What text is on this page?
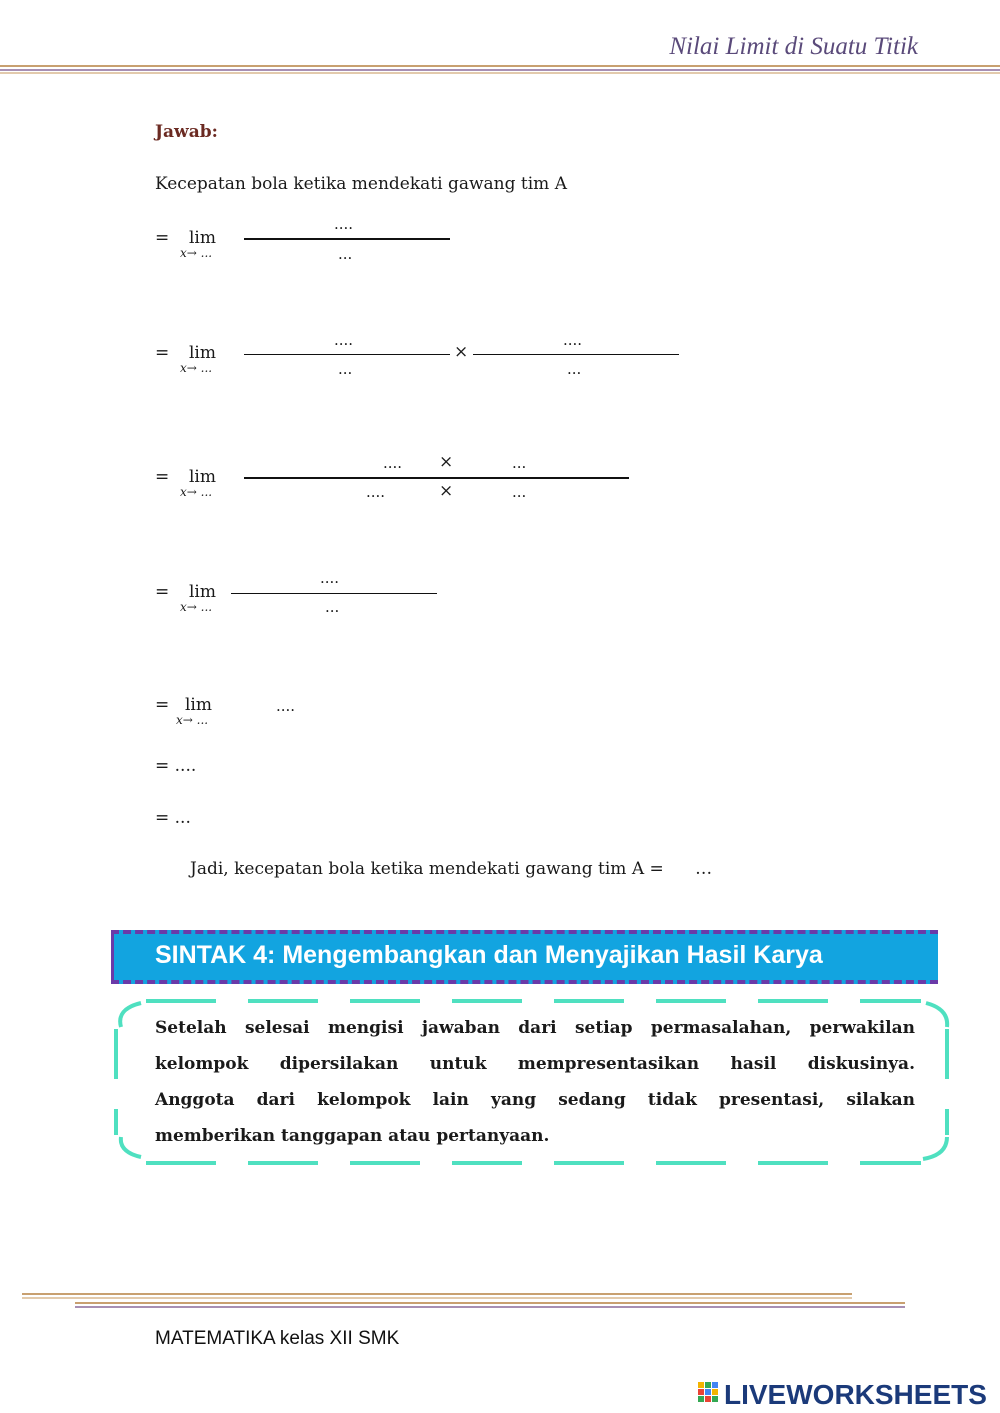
Nilai Limit di Suatu Titik
Jawab:
Kecepatan bola ketika mendekati gawang tim A
= lim
x→ ...
....
...
= lim
x→ ...
....
...
×
....
...
= lim
x→ ...
.... ×	...
....	×	...
= lim
x→ ...
....
...
= lim
x→ ...
....
= ....
= ...
Jadi, kecepatan bola ketika mendekati gawang tim A = …
SINTAK 4: Mengembangkan dan Menyajikan Hasil Karya
Setelah selesai mengisi jawaban dari setiap permasalahan, perwakilan
kelompok dipersilakan untuk mempresentasikan hasil diskusinya.
Anggota dari kelompok lain yang sedang tidak presentasi, silakan
memberikan tanggapan atau pertanyaan.
MATEMATIKA kelas XII SMK
LIVEWORKSHEETS
